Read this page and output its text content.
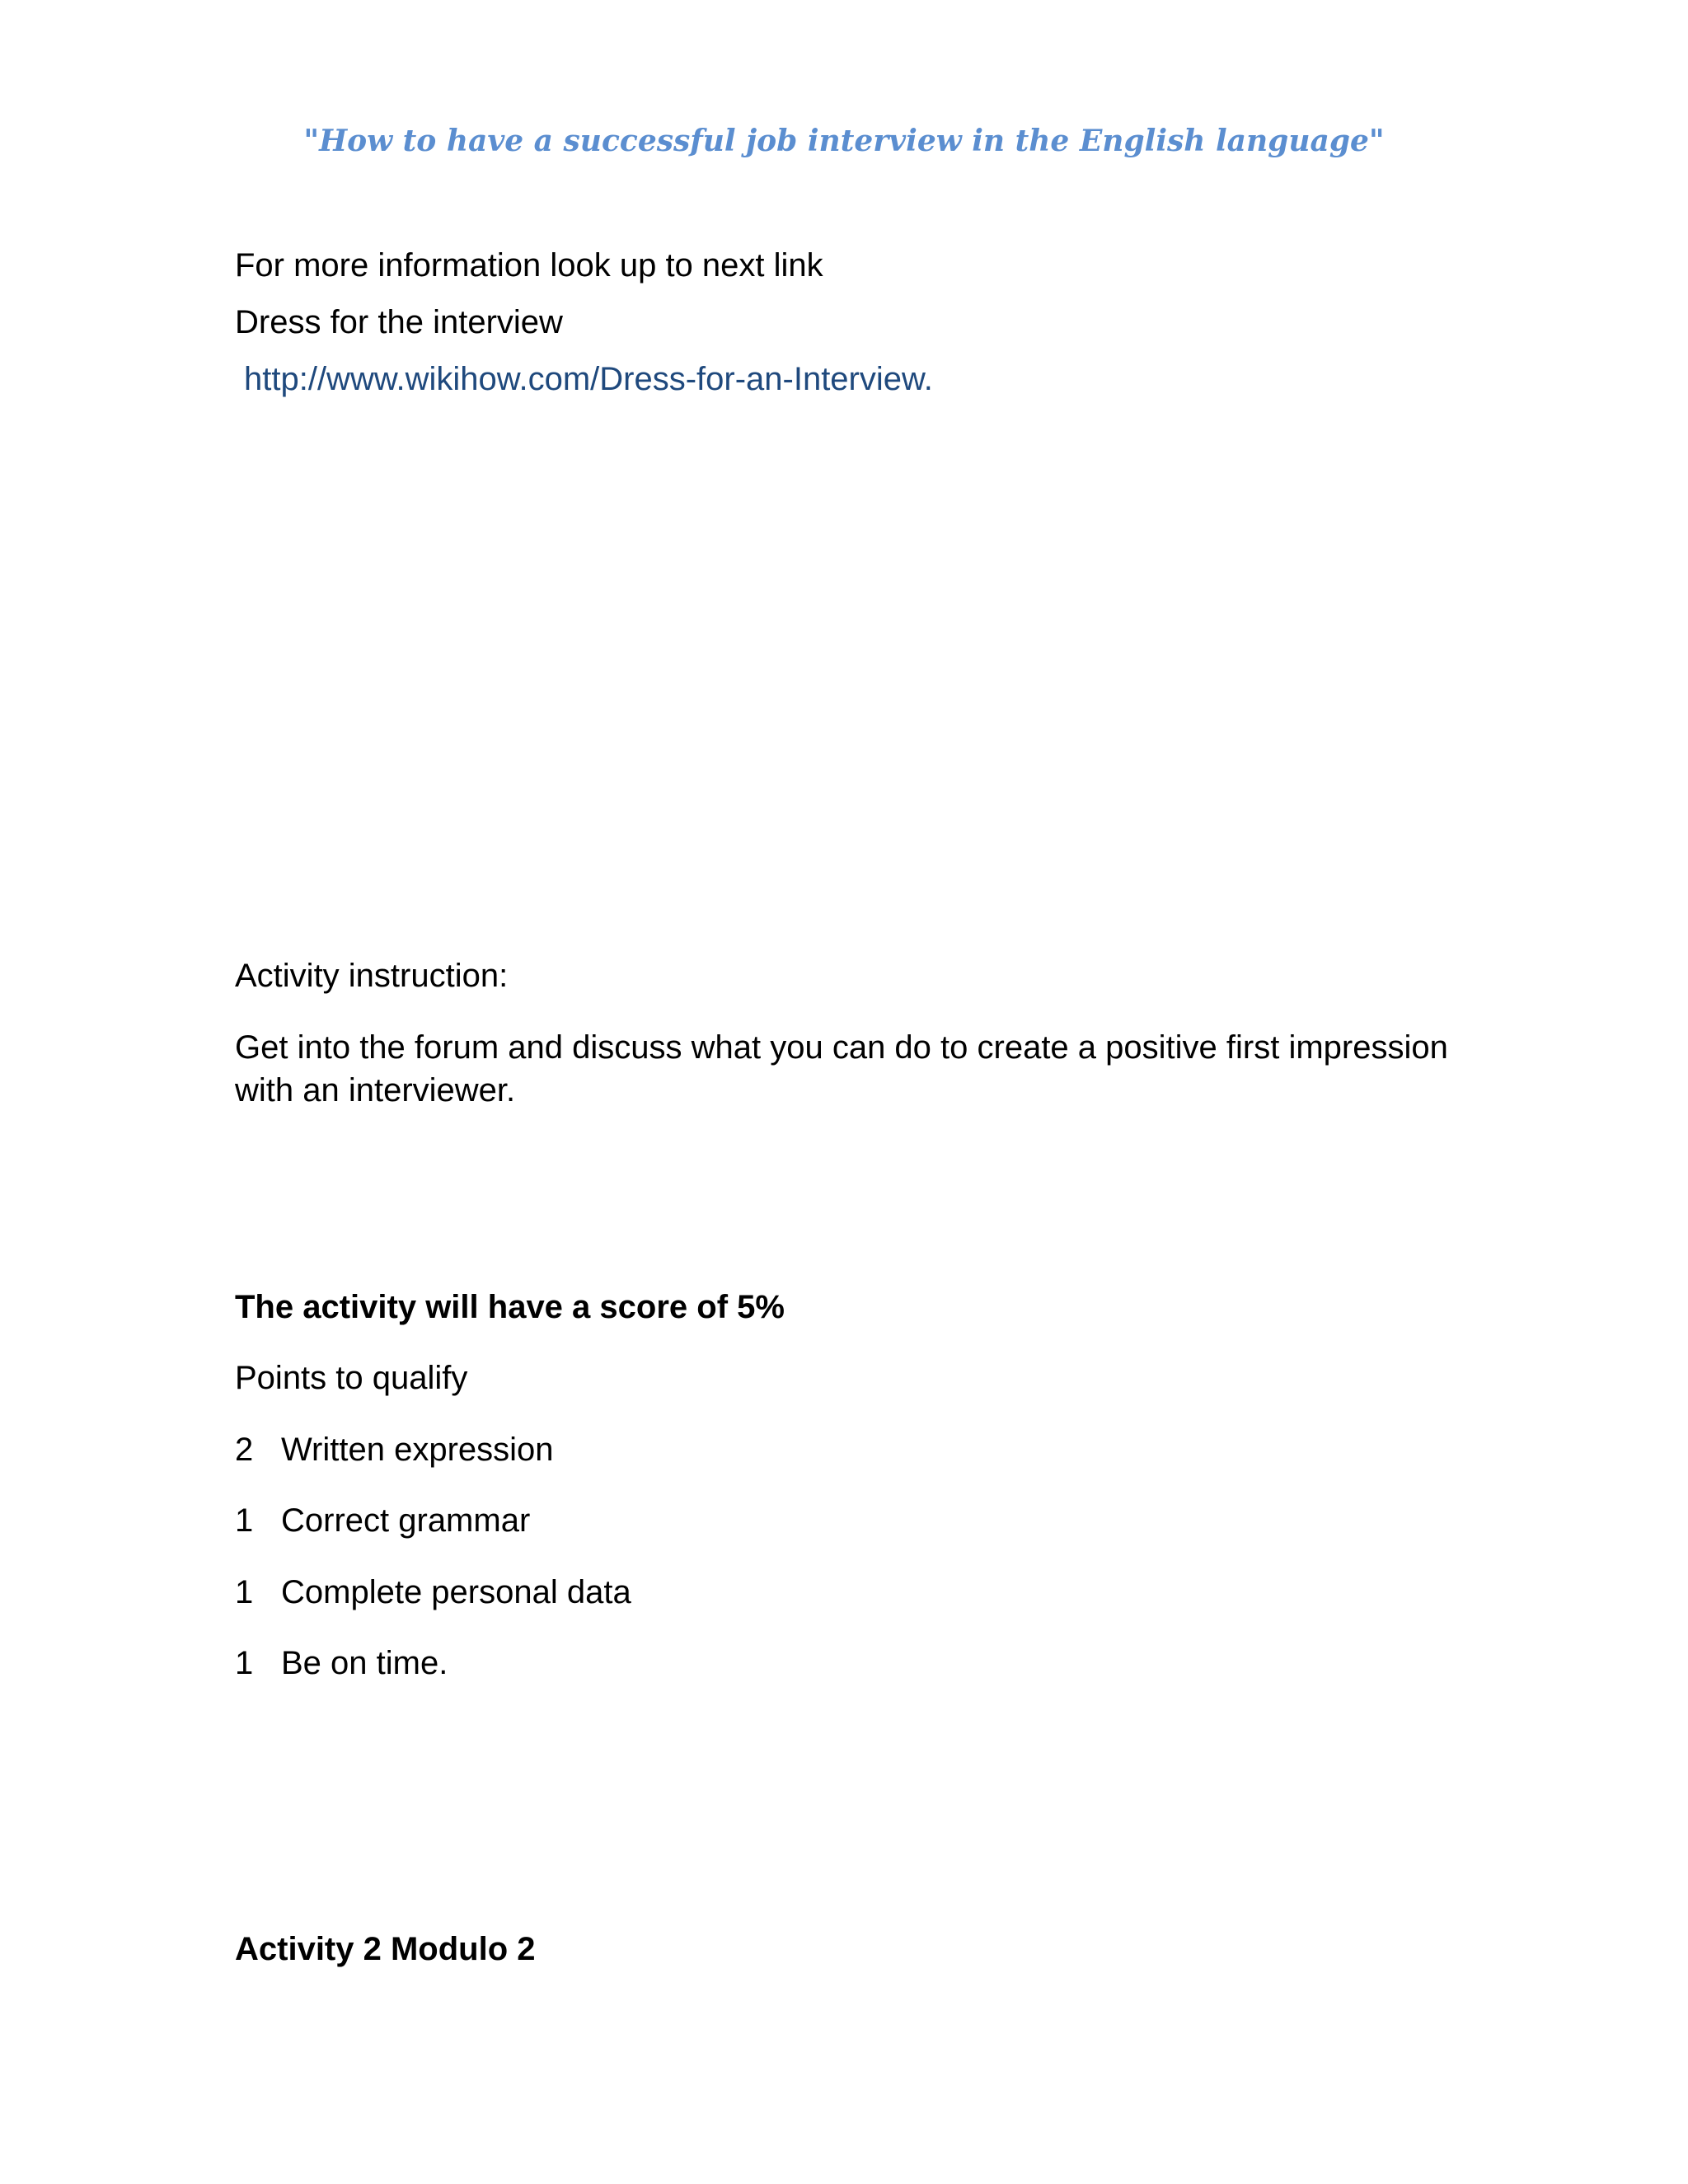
"How to have a successful job interview in the English language"
For more information look up to next link
Dress for the interview
http://www.wikihow.com/Dress-for-an-Interview.
Activity instruction:
Get into the forum and discuss what you can do to create a positive first impression with an interviewer.
The activity will have a score of 5%
Points to qualify
2 Written expression
1 Correct grammar
1 Complete personal data
1 Be on time.
Activity 2 Modulo 2
